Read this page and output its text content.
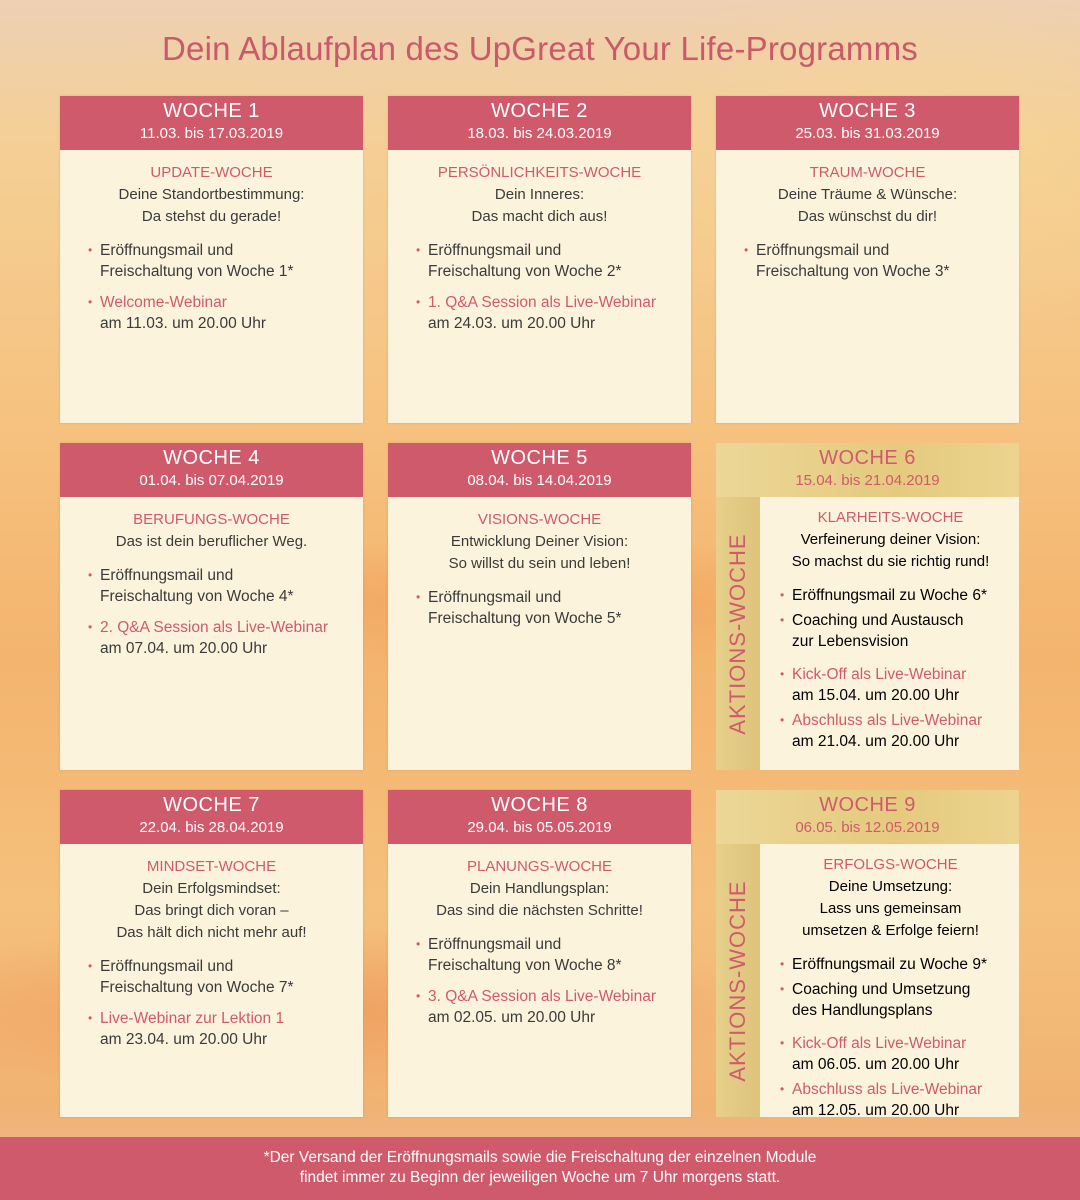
Dein Ablaufplan des UpGreat Your Life-Programms
WOCHE 1
11.03. bis 17.03.2019
UPDATE-WOCHE
Deine Standortbestimmung:
Da stehst du gerade!
• Eröffnungsmail und
Freischaltung von Woche 1*
• Welcome-Webinar
am 11.03. um 20.00 Uhr
WOCHE 2
18.03. bis 24.03.2019
PERSÖNLICHKEITS-WOCHE
Dein Inneres:
Das macht dich aus!
• Eröffnungsmail und
Freischaltung von Woche 2*
• 1. Q&A Session als Live-Webinar
am 24.03. um 20.00 Uhr
WOCHE 3
25.03. bis 31.03.2019
TRAUM-WOCHE
Deine Träume & Wünsche:
Das wünschst du dir!
• Eröffnungsmail und
Freischaltung von Woche 3*
WOCHE 4
01.04. bis 07.04.2019
BERUFUNGS-WOCHE
Das ist dein beruflicher Weg.
• Eröffnungsmail und
Freischaltung von Woche 4*
• 2. Q&A Session als Live-Webinar
am 07.04. um 20.00 Uhr
WOCHE 5
08.04. bis 14.04.2019
VISIONS-WOCHE
Entwicklung Deiner Vision:
So willst du sein und leben!
• Eröffnungsmail und
Freischaltung von Woche 5*
WOCHE 6
15.04. bis 21.04.2019
AKTIONS-WOCHE
KLARHEITS-WOCHE
Verfeinerung deiner Vision:
So machst du sie richtig rund!
• Eröffnungsmail zu Woche 6*
• Coaching und Austausch
zur Lebensvision
• Kick-Off als Live-Webinar
am 15.04. um 20.00 Uhr
• Abschluss als Live-Webinar
am 21.04. um 20.00 Uhr
WOCHE 7
22.04. bis 28.04.2019
MINDSET-WOCHE
Dein Erfolgsmindset:
Das bringt dich voran –
Das hält dich nicht mehr auf!
• Eröffnungsmail und
Freischaltung von Woche 7*
• Live-Webinar zur Lektion 1
am 23.04. um 20.00 Uhr
WOCHE 8
29.04. bis 05.05.2019
PLANUNGS-WOCHE
Dein Handlungsplan:
Das sind die nächsten Schritte!
• Eröffnungsmail und
Freischaltung von Woche 8*
• 3. Q&A Session als Live-Webinar
am 02.05. um 20.00 Uhr
WOCHE 9
06.05. bis 12.05.2019
AKTIONS-WOCHE
ERFOLGS-WOCHE
Deine Umsetzung:
Lass uns gemeinsam
umsetzen & Erfolge feiern!
• Eröffnungsmail zu Woche 9*
• Coaching und Umsetzung
des Handlungsplans
• Kick-Off als Live-Webinar
am 06.05. um 20.00 Uhr
• Abschluss als Live-Webinar
am 12.05. um 20.00 Uhr
*Der Versand der Eröffnungsmails sowie die Freischaltung der einzelnen Module
findet immer zu Beginn der jeweiligen Woche um 7 Uhr morgens statt.
